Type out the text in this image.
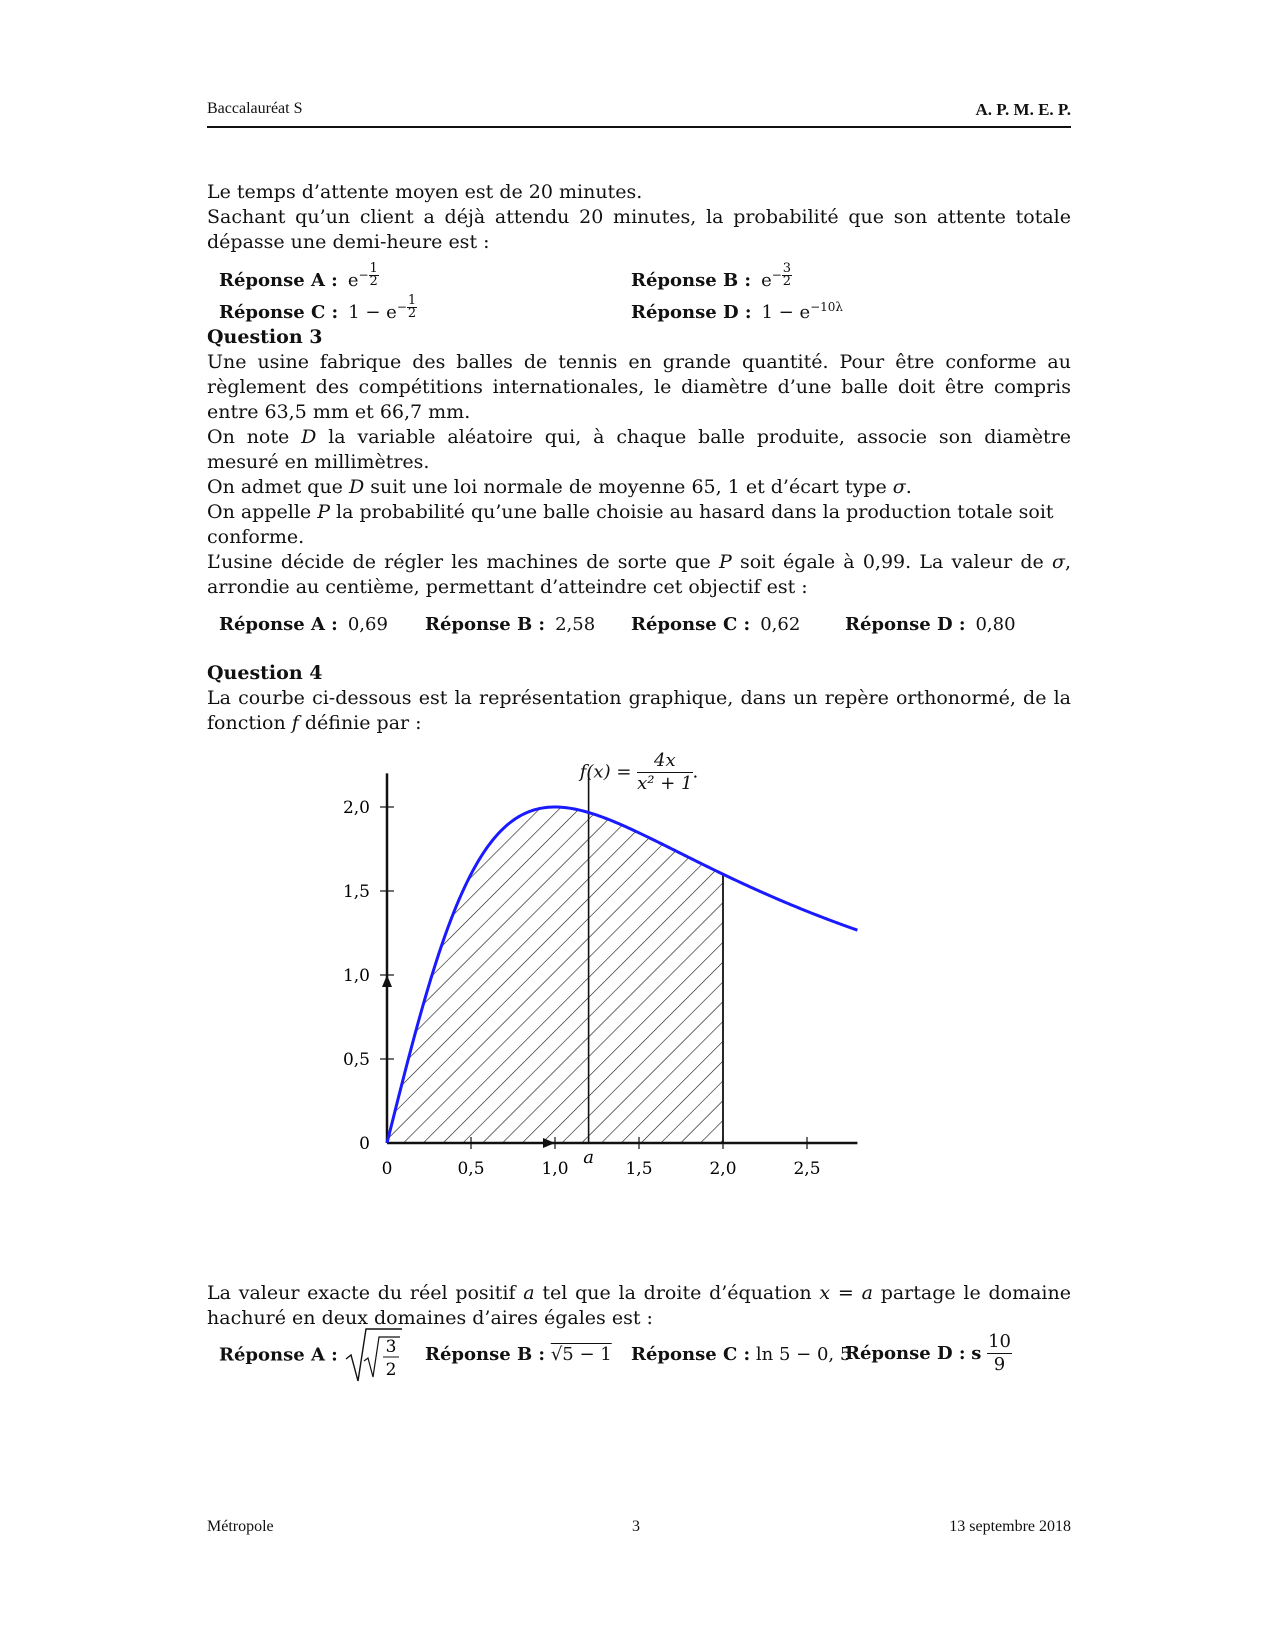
Baccalauréat S	A. P. M. E. P.

Le temps d’attente moyen est de 20 minutes.

Sachant qu’un client a déjà attendu 20 minutes, la probabilité que son attente totale dépasse une demi-heure est :

Réponse A : $e^{- \frac{1}{2}}$	Réponse B : $e^{- \frac{3}{2}}$
Réponse C : $1 - e^{- \frac{1}{2}}$	Réponse D : $1 - e^{-10\lambda}$

Question 3

Une usine fabrique des balles de tennis en grande quantité. Pour être conforme au règlement des compétitions internationales, le diamètre d’une balle doit être compris entre 63,5 mm et 66,7 mm.

On note D la variable aléatoire qui, à chaque balle produite, associe son diamètre mesuré en millimètres.

On admet que D suit une loi normale de moyenne 65, 1 et d’écart type σ.

On appelle P la probabilité qu’une balle choisie au hasard dans la production totale soit conforme.

L’usine décide de régler les machines de sorte que P soit égale à 0,99. La valeur de σ, arrondie au centième, permettant d’atteindre cet objectif est :

Réponse A : 0,69	Réponse B : 2,58	Réponse C : 0,62	Réponse D : 0,80

Question 4

La courbe ci-dessous est la représentation graphique, dans un repère orthonormé, de la fonction f définie par :

$f(x) = \frac{4x}{\text{x² + 1}}$ .
0	0,5	1,0	1,5	2,0	2,5
0
0,5
1,0
1,5
2,0
a

La valeur exacte du réel positif a tel que la droite d’équation x = a partage le domaine hachuré en deux domaines d’aires égales est :

Réponse A :	3
2
Réponse B : √5 − 1 Réponse C : ln 5 − 0, 5
Réponse D : s $\frac{10}{9}$
Métropole	3	13 septembre 2018
